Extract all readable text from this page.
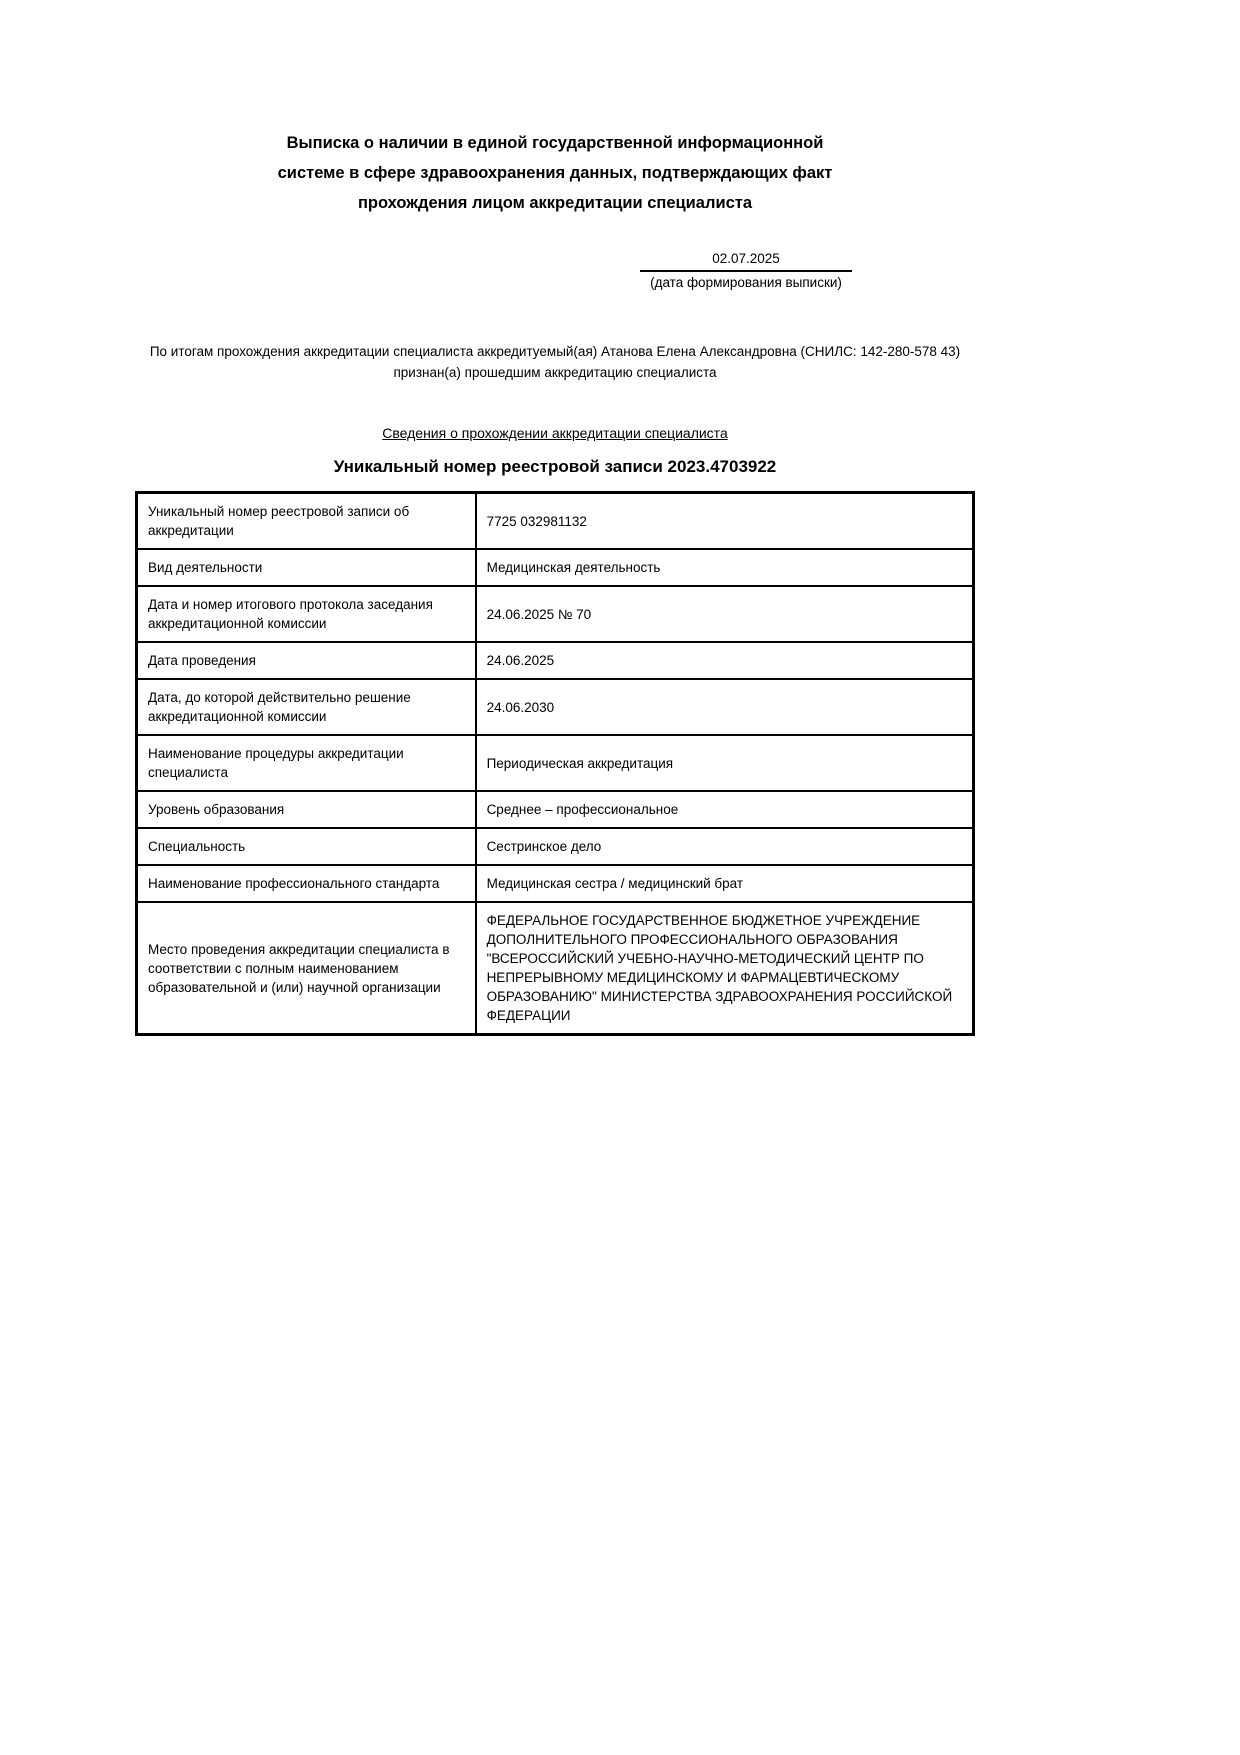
Выписка о наличии в единой государственной информационной
системе в сфере здравоохранения данных, подтверждающих факт
прохождения лицом аккредитации специалиста
02.07.2025
(дата формирования выписки)
По итогам прохождения аккредитации специалиста аккредитуемый(ая) Атанова Елена Александровна (СНИЛС: 142-280-578 43) признан(а) прошедшим аккредитацию специалиста
Сведения о прохождении аккредитации специалиста
Уникальный номер реестровой записи 2023.4703922
Уникальный номер реестровой записи об аккредитации	7725 032981132
Вид деятельности	Медицинская деятельность
Дата и номер итогового протокола заседания аккредитационной комиссии	24.06.2025 № 70
Дата проведения	24.06.2025
Дата, до которой действительно решение аккредитационной комиссии	24.06.2030
Наименование процедуры аккредитации специалиста	Периодическая аккредитация
Уровень образования	Среднее – профессиональное
Специальность	Сестринское дело
Наименование профессионального стандарта	Медицинская сестра / медицинский брат
Место проведения аккредитации специалиста в соответствии с полным наименованием образовательной и (или) научной организации	ФЕДЕРАЛЬНОЕ ГОСУДАРСТВЕННОЕ БЮДЖЕТНОЕ УЧРЕЖДЕНИЕ ДОПОЛНИТЕЛЬНОГО ПРОФЕССИОНАЛЬНОГО ОБРАЗОВАНИЯ "ВСЕРОССИЙСКИЙ УЧЕБНО-НАУЧНО-МЕТОДИЧЕСКИЙ ЦЕНТР ПО НЕПРЕРЫВНОМУ МЕДИЦИНСКОМУ И ФАРМАЦЕВТИЧЕСКОМУ ОБРАЗОВАНИЮ" МИНИСТЕРСТВА ЗДРАВООХРАНЕНИЯ РОССИЙСКОЙ ФЕДЕРАЦИИ
